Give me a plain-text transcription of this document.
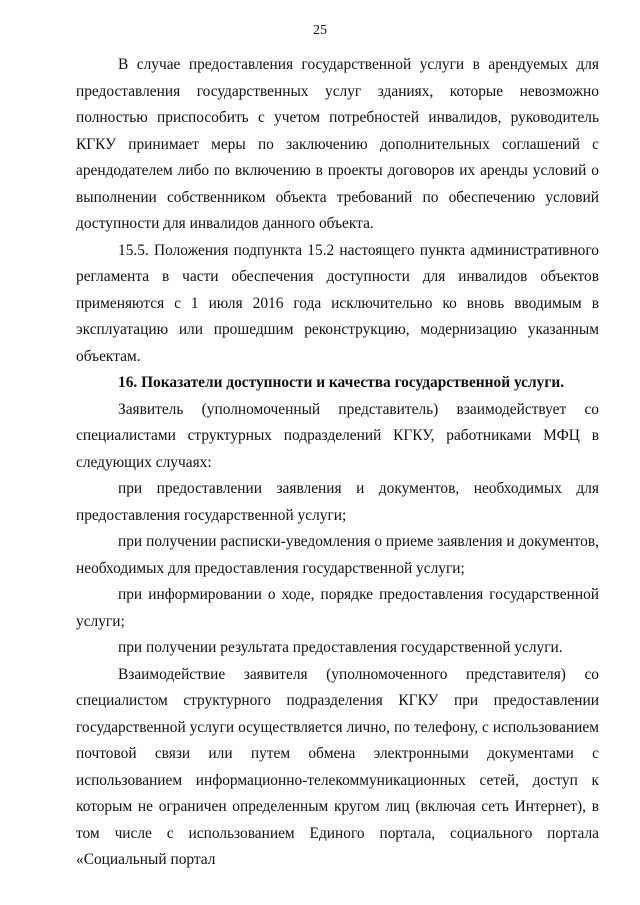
25

В случае предоставления государственной услуги в арендуемых для предоставления государственных услуг зданиях, которые невозможно полностью приспособить с учетом потребностей инвалидов, руководитель КГКУ принимает меры по заключению дополнительных соглашений с арендодателем либо по включению в проекты договоров их аренды условий о выполнении собственником объекта требований по обеспечению условий доступности для инвалидов данного объекта.

15.5. Положения подпункта 15.2 настоящего пункта административного регламента в части обеспечения доступности для инвалидов объектов применяются с 1 июля 2016 года исключительно ко вновь вводимым в эксплуатацию или прошедшим реконструкцию, модернизацию указанным объектам.

16. Показатели доступности и качества государственной услуги.

Заявитель (уполномоченный представитель) взаимодействует со специалистами структурных подразделений КГКУ, работниками МФЦ в следующих случаях:

при предоставлении заявления и документов, необходимых для предоставления государственной услуги;

при получении расписки-уведомления о приеме заявления и документов, необходимых для предоставления государственной услуги;

при информировании о ходе, порядке предоставления государственной услуги;

при получении результата предоставления государственной услуги.

Взаимодействие заявителя (уполномоченного представителя) со специалистом структурного подразделения КГКУ при предоставлении государственной услуги осуществляется лично, по телефону, с использованием почтовой связи или путем обмена электронными документами с использованием информационно-телекоммуникационных сетей, доступ к которым не ограничен определенным кругом лиц (включая сеть Интернет), в том числе с использованием Единого портала, социального портала «Социальный портал
